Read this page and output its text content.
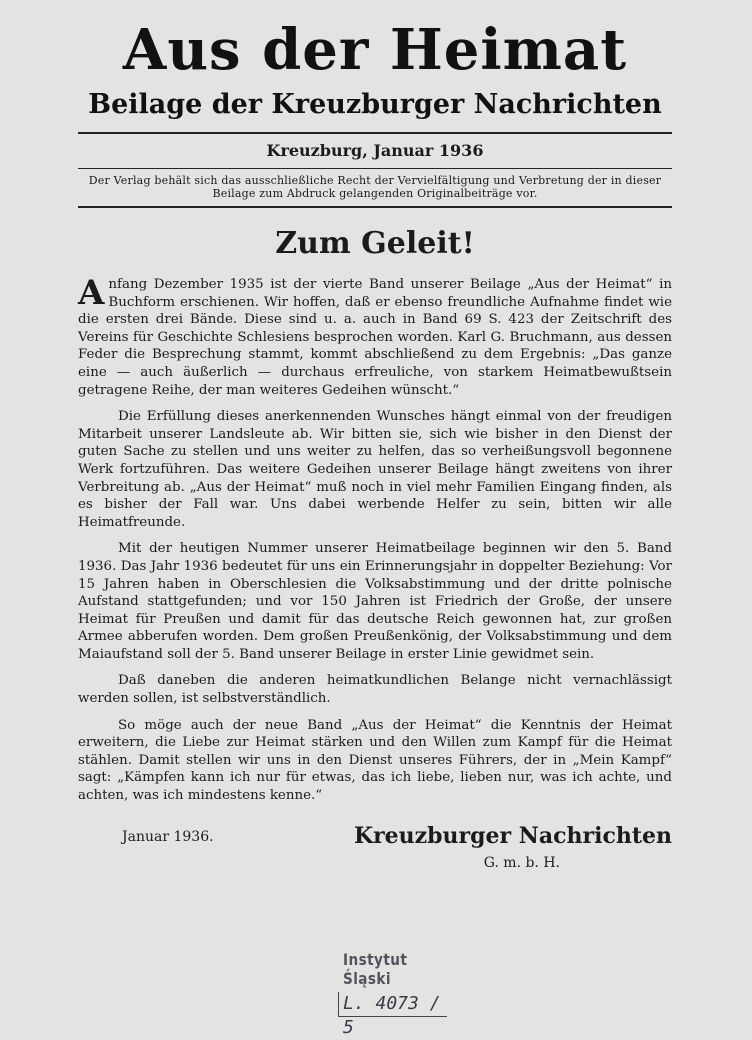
Aus der Heimat
Beilage der Kreuzburger Nachrichten
Kreuzburg, Januar 1936
Der Verlag behält sich das ausschließliche Recht der Vervielfältigung und Verbretung der in dieser Beilage zum Abdruck gelangenden Originalbeiträge vor.
Zum Geleit!

Anfang Dezember 1935 ist der vierte Band unserer Beilage „Aus der Heimat“ in Buchform erschienen. Wir hoffen, daß er ebenso freundliche Aufnahme findet wie die ersten drei Bände. Diese sind u. a. auch in Band 69 S. 423 der Zeitschrift des Vereins für Geschichte Schlesiens besprochen worden. Karl G. Bruchmann, aus dessen Feder die Besprechung stammt, kommt abschließend zu dem Ergebnis: „Das ganze eine — auch äußerlich — durchaus erfreuliche, von starkem Heimatbewußtsein getragene Reihe, der man weiteres Gedeihen wünscht.“

Die Erfüllung dieses anerkennenden Wunsches hängt einmal von der freudigen Mitarbeit unserer Landsleute ab. Wir bitten sie, sich wie bisher in den Dienst der guten Sache zu stellen und uns weiter zu helfen, das so verheißungsvoll begonnene Werk fortzuführen. Das weitere Gedeihen unserer Beilage hängt zweitens von ihrer Verbreitung ab. „Aus der Heimat“ muß noch in viel mehr Familien Eingang finden, als es bisher der Fall war. Uns dabei werbende Helfer zu sein, bitten wir alle Heimatfreunde.

Mit der heutigen Nummer unserer Heimatbeilage beginnen wir den 5. Band 1936. Das Jahr 1936 bedeutet für uns ein Erinnerungsjahr in doppelter Beziehung: Vor 15 Jahren haben in Oberschlesien die Volksabstimmung und der dritte polnische Aufstand stattgefunden; und vor 150 Jahren ist Friedrich der Große, der unsere Heimat für Preußen und damit für das deutsche Reich gewonnen hat, zur großen Armee abberufen worden. Dem großen Preußenkönig, der Volksabstimmung und dem Maiaufstand soll der 5. Band unserer Beilage in erster Linie gewidmet sein.

Daß daneben die anderen heimatkundlichen Belange nicht vernachlässigt werden sollen, ist selbstverständlich.

So möge auch der neue Band „Aus der Heimat“ die Kenntnis der Heimat erweitern, die Liebe zur Heimat stärken und den Willen zum Kampf für die Heimat stählen. Damit stellen wir uns in den Dienst unseres Führers, der in „Mein Kampf“ sagt: „Kämpfen kann ich nur für etwas, das ich liebe, lieben nur, was ich achte, und achten, was ich mindestens kenne.“

Januar 1936.	Kreuzburger Nachrichten
G. m. b. H.
Instytut Śląski
L. 4073 / 5
